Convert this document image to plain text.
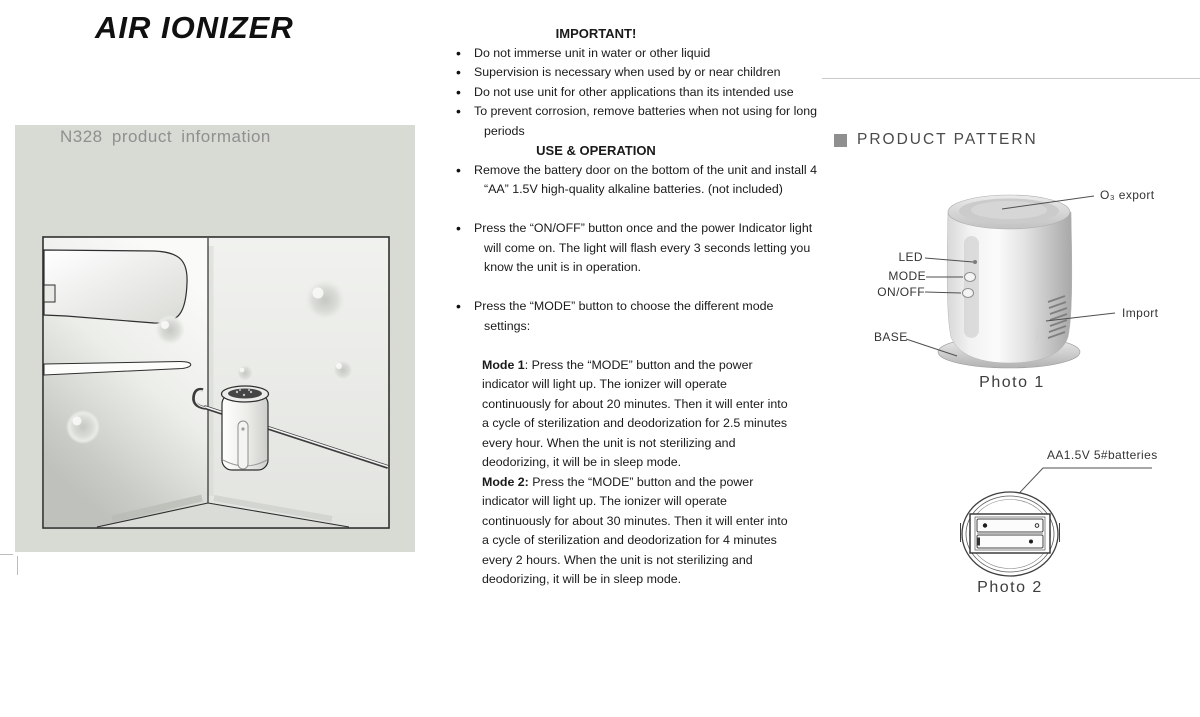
AIR IONIZER
N328 product information
IMPORTANT!
• Do not immerse unit in water or other liquid
• Supervision is necessary when used by or near children
• Do not use unit for other applications than its intended use
• To prevent corrosion, remove batteries when not using for long periods
USE & OPERATION
• Remove the battery door on the bottom of the unit and install 4 “AA” 1.5V high-quality alkaline batteries. (not included)
• Press the “ON/OFF” button once and the power Indicator light will come on. The light will flash every 3 seconds letting you know the unit is in operation.
• Press the “MODE” button to choose the different mode settings:

Mode 1: Press the “MODE” button and the power indicator will light up. The ionizer will operate continuously for about 20 minutes. Then it will enter into a cycle of sterilization and deodorization for 2.5 minutes every hour. When the unit is not sterilizing and deodorizing, it will be in sleep mode.

Mode 2: Press the “MODE” button and the power indicator will light up. The ionizer will operate continuously for about 30 minutes. Then it will enter into a cycle of sterilization and deodorization for 4 minutes every 2 hours. When the unit is not sterilizing and deodorizing, it will be in sleep mode.

PRODUCT PATTERN
O₃ export
LED
MODE
ON/OFF
Import
BASE
Photo 1
AA1.5V 5#batteries
Photo 2
